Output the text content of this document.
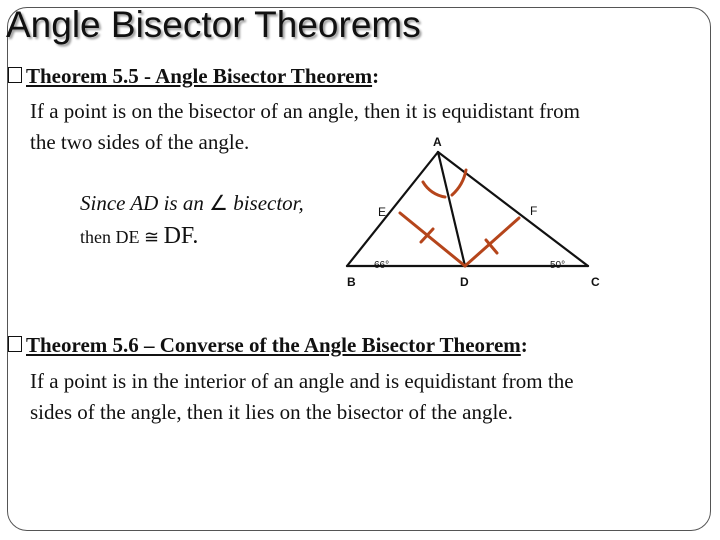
Angle Bisector Theorems
Theorem 5.5 - Angle Bisector Theorem:
If a point is on the bisector of an angle, then it is equidistant from
the two sides of the angle.
Since AD is an ∠ bisector,
then DE ≅ DF.
A
B	C
D
E	F
66°	50°
Theorem 5.6 – Converse of the Angle Bisector Theorem:
If a point is in the interior of an angle and is equidistant from the
sides of the angle, then it lies on the bisector of the angle.
